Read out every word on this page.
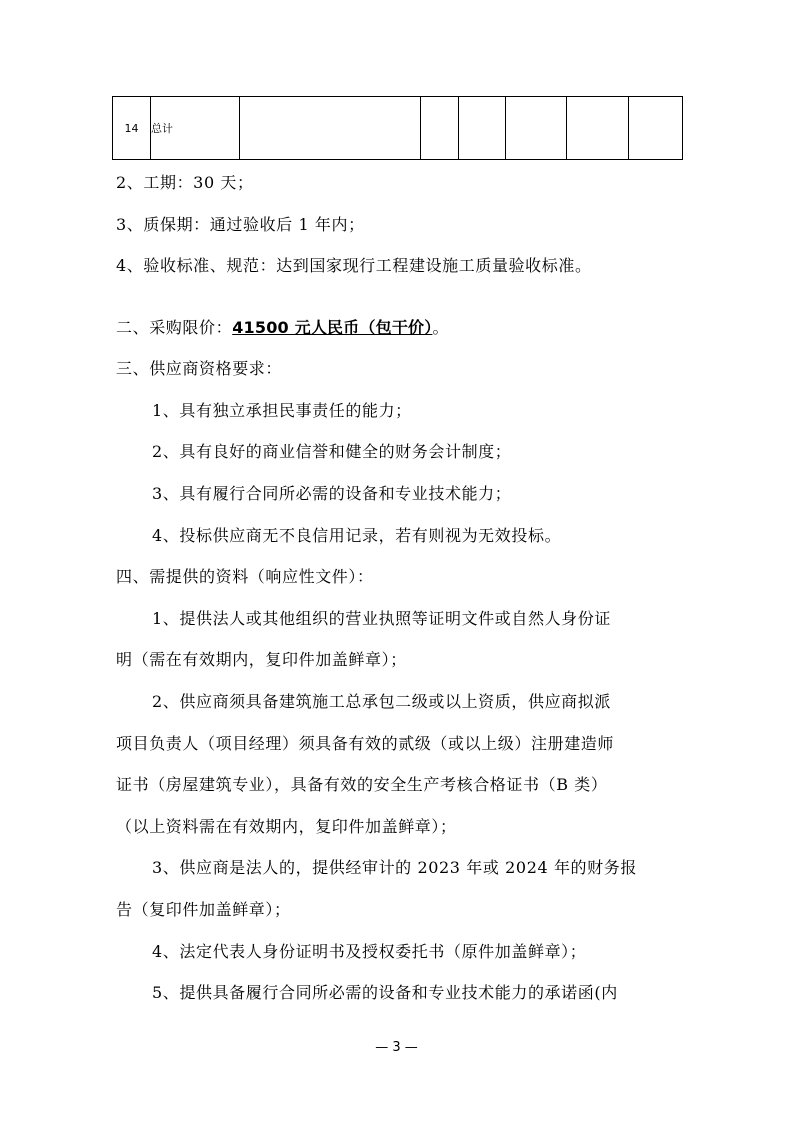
14	总计						
2、工期：30 天；
3、质保期：通过验收后 1 年内；
4、验收标准、规范：达到国家现行工程建设施工质量验收标准。
二、采购限价：41500 元人民币（包干价）。
三、供应商资格要求：
1、具有独立承担民事责任的能力；
2、具有良好的商业信誉和健全的财务会计制度；
3、具有履行合同所必需的设备和专业技术能力；
4、投标供应商无不良信用记录，若有则视为无效投标。
四、需提供的资料（响应性文件）：
1、提供法人或其他组织的营业执照等证明文件或自然人身份证
明（需在有效期内，复印件加盖鲜章）；
2、供应商须具备建筑施工总承包二级或以上资质，供应商拟派
项目负责人（项目经理）须具备有效的贰级（或以上级）注册建造师
证书（房屋建筑专业），具备有效的安全生产考核合格证书（B 类）
（以上资料需在有效期内，复印件加盖鲜章）；
3、供应商是法人的，提供经审计的 2023 年或 2024 年的财务报
告（复印件加盖鲜章）；
4、法定代表人身份证明书及授权委托书（原件加盖鲜章）；
5、提供具备履行合同所必需的设备和专业技术能力的承诺函(内
— 3 —
